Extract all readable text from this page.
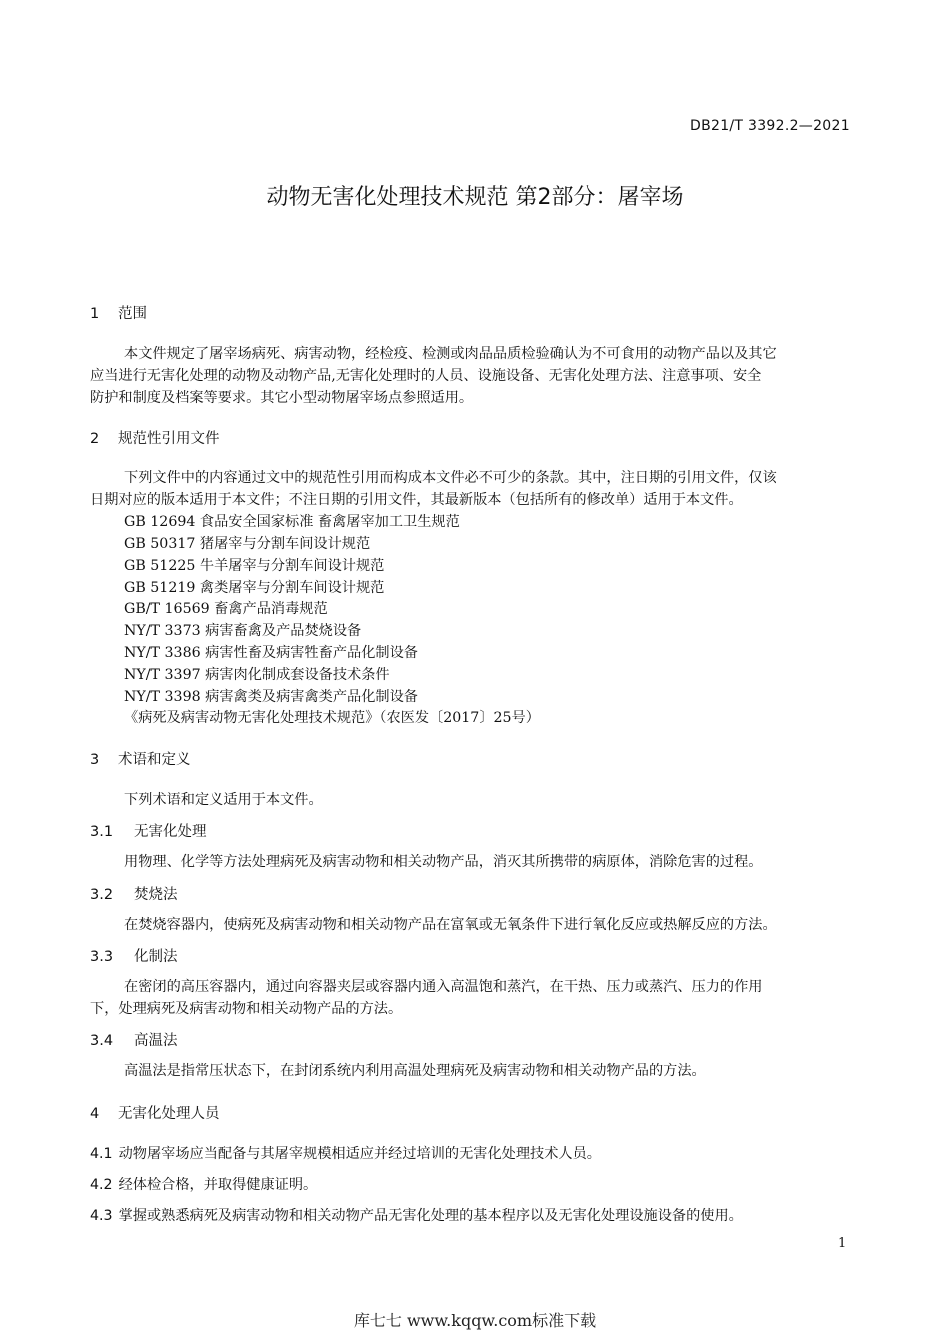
DB21/T 3392.2—2021
动物无害化处理技术规范 第2部分：屠宰场
1 范围
本文件规定了屠宰场病死、病害动物，经检疫、检测或肉品品质检验确认为不可食用的动物产品以及其它
应当进行无害化处理的动物及动物产品,无害化处理时的人员、设施设备、无害化处理方法、注意事项、安全
防护和制度及档案等要求。其它小型动物屠宰场点参照适用。
2 规范性引用文件
下列文件中的内容通过文中的规范性引用而构成本文件必不可少的条款。其中，注日期的引用文件，仅该
日期对应的版本适用于本文件；不注日期的引用文件，其最新版本（包括所有的修改单）适用于本文件。
GB 12694 食品安全国家标准 畜禽屠宰加工卫生规范
GB 50317 猪屠宰与分割车间设计规范
GB 51225 牛羊屠宰与分割车间设计规范
GB 51219 禽类屠宰与分割车间设计规范
GB/T 16569 畜禽产品消毒规范
NY/T 3373 病害畜禽及产品焚烧设备
NY/T 3386 病害性畜及病害牲畜产品化制设备
NY/T 3397 病害肉化制成套设备技术条件
NY/T 3398 病害禽类及病害禽类产品化制设备
《病死及病害动物无害化处理技术规范》（农医发〔2017〕25号）
3 术语和定义
下列术语和定义适用于本文件。
3.1 无害化处理
用物理、化学等方法处理病死及病害动物和相关动物产品，消灭其所携带的病原体，消除危害的过程。
3.2 焚烧法
在焚烧容器内，使病死及病害动物和相关动物产品在富氧或无氧条件下进行氧化反应或热解反应的方法。
3.3 化制法
在密闭的高压容器内，通过向容器夹层或容器内通入高温饱和蒸汽，在干热、压力或蒸汽、压力的作用
下，处理病死及病害动物和相关动物产品的方法。
3.4 高温法
高温法是指常压状态下，在封闭系统内利用高温处理病死及病害动物和相关动物产品的方法。
4 无害化处理人员
4.1 动物屠宰场应当配备与其屠宰规模相适应并经过培训的无害化处理技术人员。
4.2 经体检合格，并取得健康证明。
4.3 掌握或熟悉病死及病害动物和相关动物产品无害化处理的基本程序以及无害化处理设施设备的使用。
1
库七七 www.kqqw.com标准下载
